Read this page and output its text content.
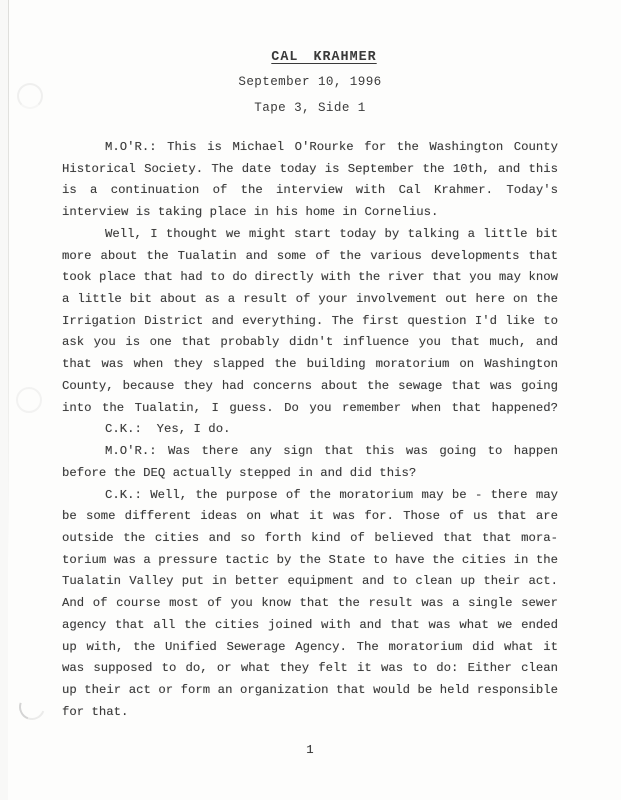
CAL KRAHMER
September 10, 1996
Tape 3, Side 1
M.O'R.: This is Michael O'Rourke for the Washington County
Historical Society. The date today is September the 10th, and this
is a continuation of the interview with Cal Krahmer. Today's
interview is taking place in his home in Cornelius.
Well, I thought we might start today by talking a little bit
more about the Tualatin and some of the various developments that
took place that had to do directly with the river that you may know
a little bit about as a result of your involvement out here on the
Irrigation District and everything. The first question I'd like to
ask you is one that probably didn't influence you that much, and
that was when they slapped the building moratorium on Washington
County, because they had concerns about the sewage that was going
into the Tualatin, I guess. Do you remember when that happened?
C.K.:  Yes, I do.
M.O'R.: Was there any sign that this was going to happen
before the DEQ actually stepped in and did this?
C.K.: Well, the purpose of the moratorium may be - there may
be some different ideas on what it was for. Those of us that are
outside the cities and so forth kind of believed that that mora-
torium was a pressure tactic by the State to have the cities in the
Tualatin Valley put in better equipment and to clean up their act.
And of course most of you know that the result was a single sewer
agency that all the cities joined with and that was what we ended
up with, the Unified Sewerage Agency. The moratorium did what it
was supposed to do, or what they felt it was to do: Either clean
up their act or form an organization that would be held responsible
for that.
1
